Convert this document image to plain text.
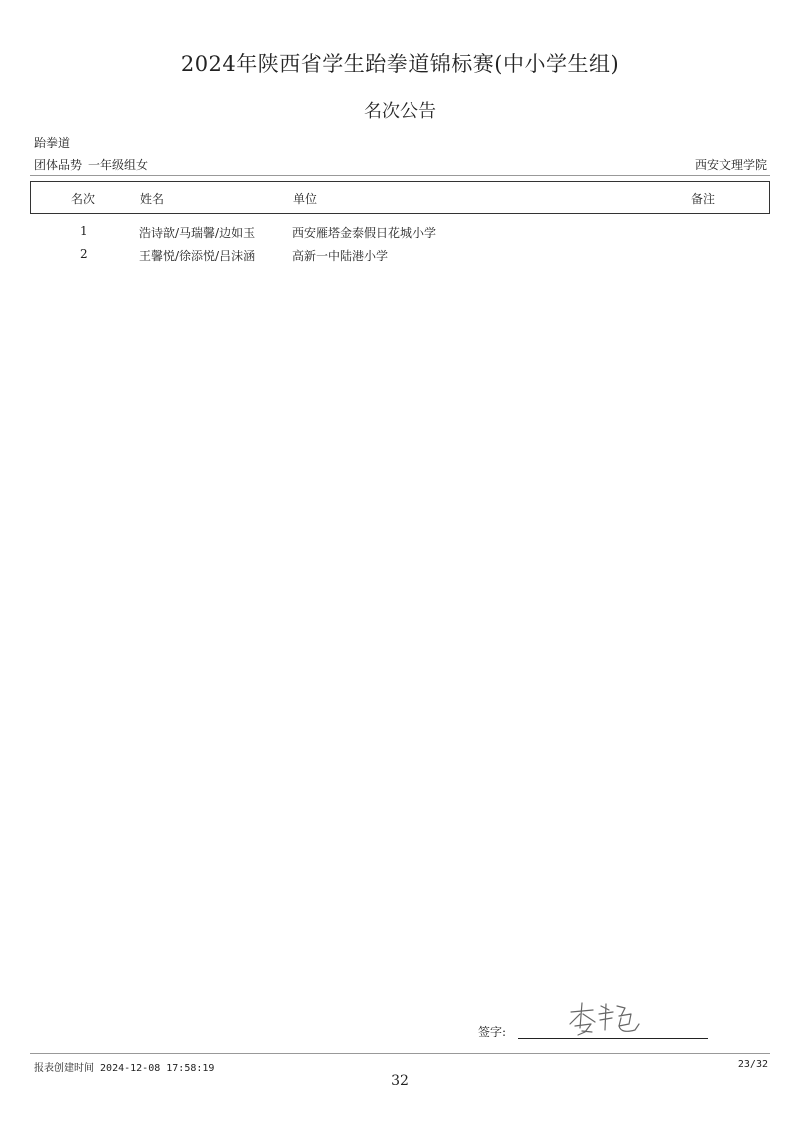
2024年陕西省学生跆拳道锦标赛(中小学生组)
名次公告
跆拳道
团体品势 一年级组女	西安文理学院
名次	姓名	单位	备注
1	浩诗歆/马瑞馨/边如玉	西安雁塔金泰假日花城小学
2	王馨悦/徐添悦/吕沫涵	高新一中陆港小学
签字:
报表创建时间 2024-12-08 17:58:19	23/32
32
